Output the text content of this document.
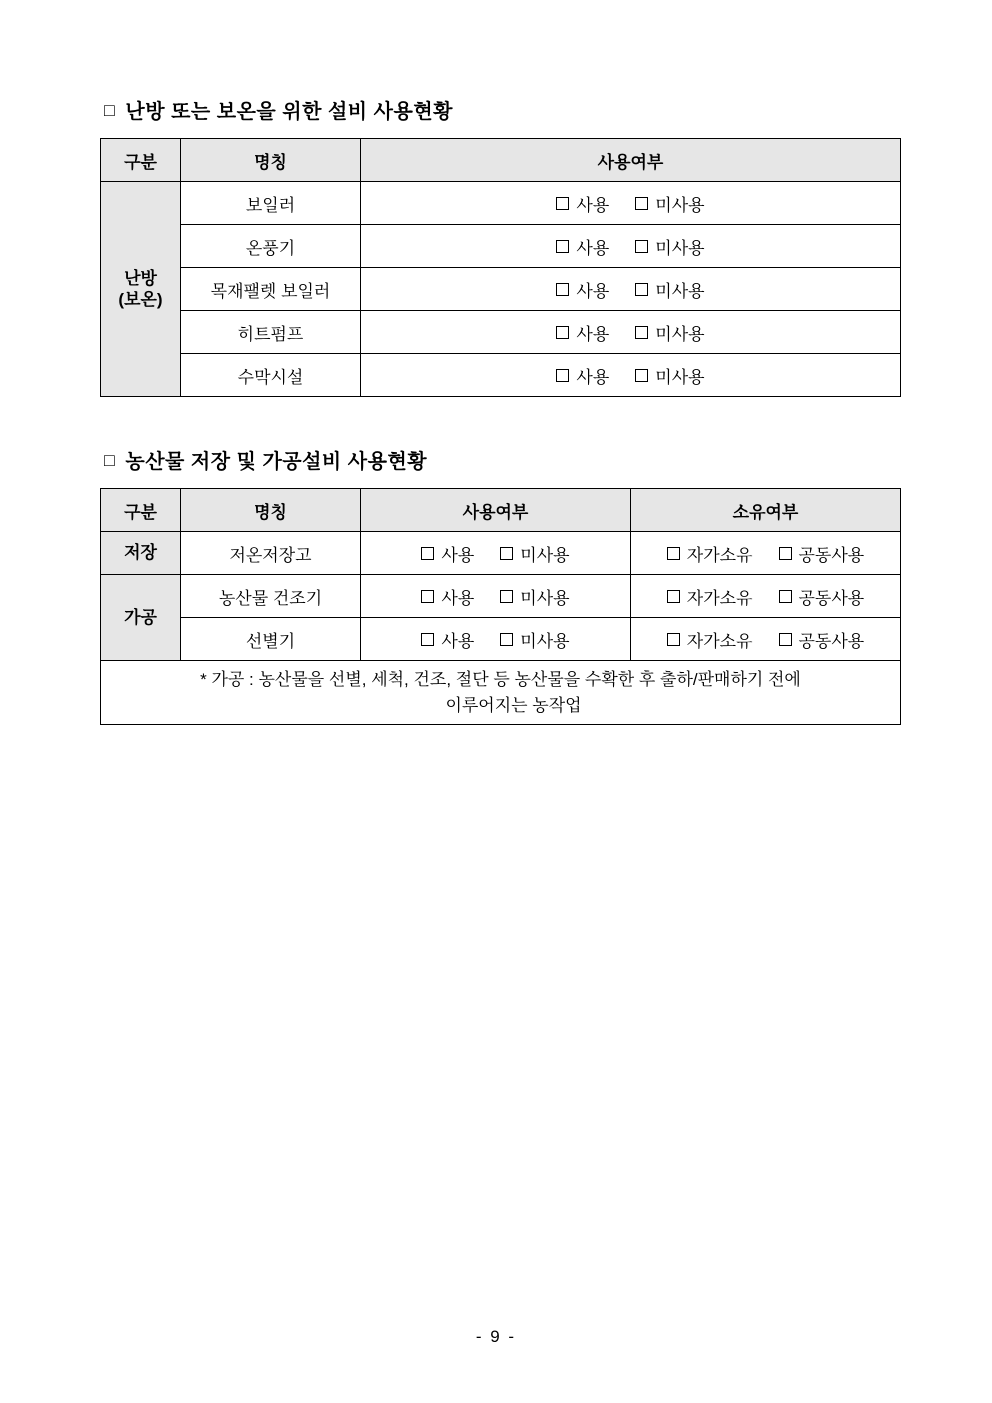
□ 난방 또는 보온을 위한 설비 사용현황
구분	명칭	사용여부
난방
(보온)	보일러	사용 미사용

	온풍기	사용 미사용

	목재팰렛 보일러	사용 미사용

	히트펌프	사용 미사용

	수막시설	사용 미사용
□ 농산물 저장 및 가공설비 사용현황
구분	명칭	사용여부	소유여부
저장	저온저장고	사용 미사용	자가소유 공동사용

가공	농산물 건조기	사용 미사용	자가소유 공동사용

	선별기	사용 미사용	자가소유 공동사용

* 가공 : 농산물을 선별, 세척, 건조, 절단 등 농산물을 수확한 후 출하/판매하기 전에
이루어지는 농작업			
- 9 -
